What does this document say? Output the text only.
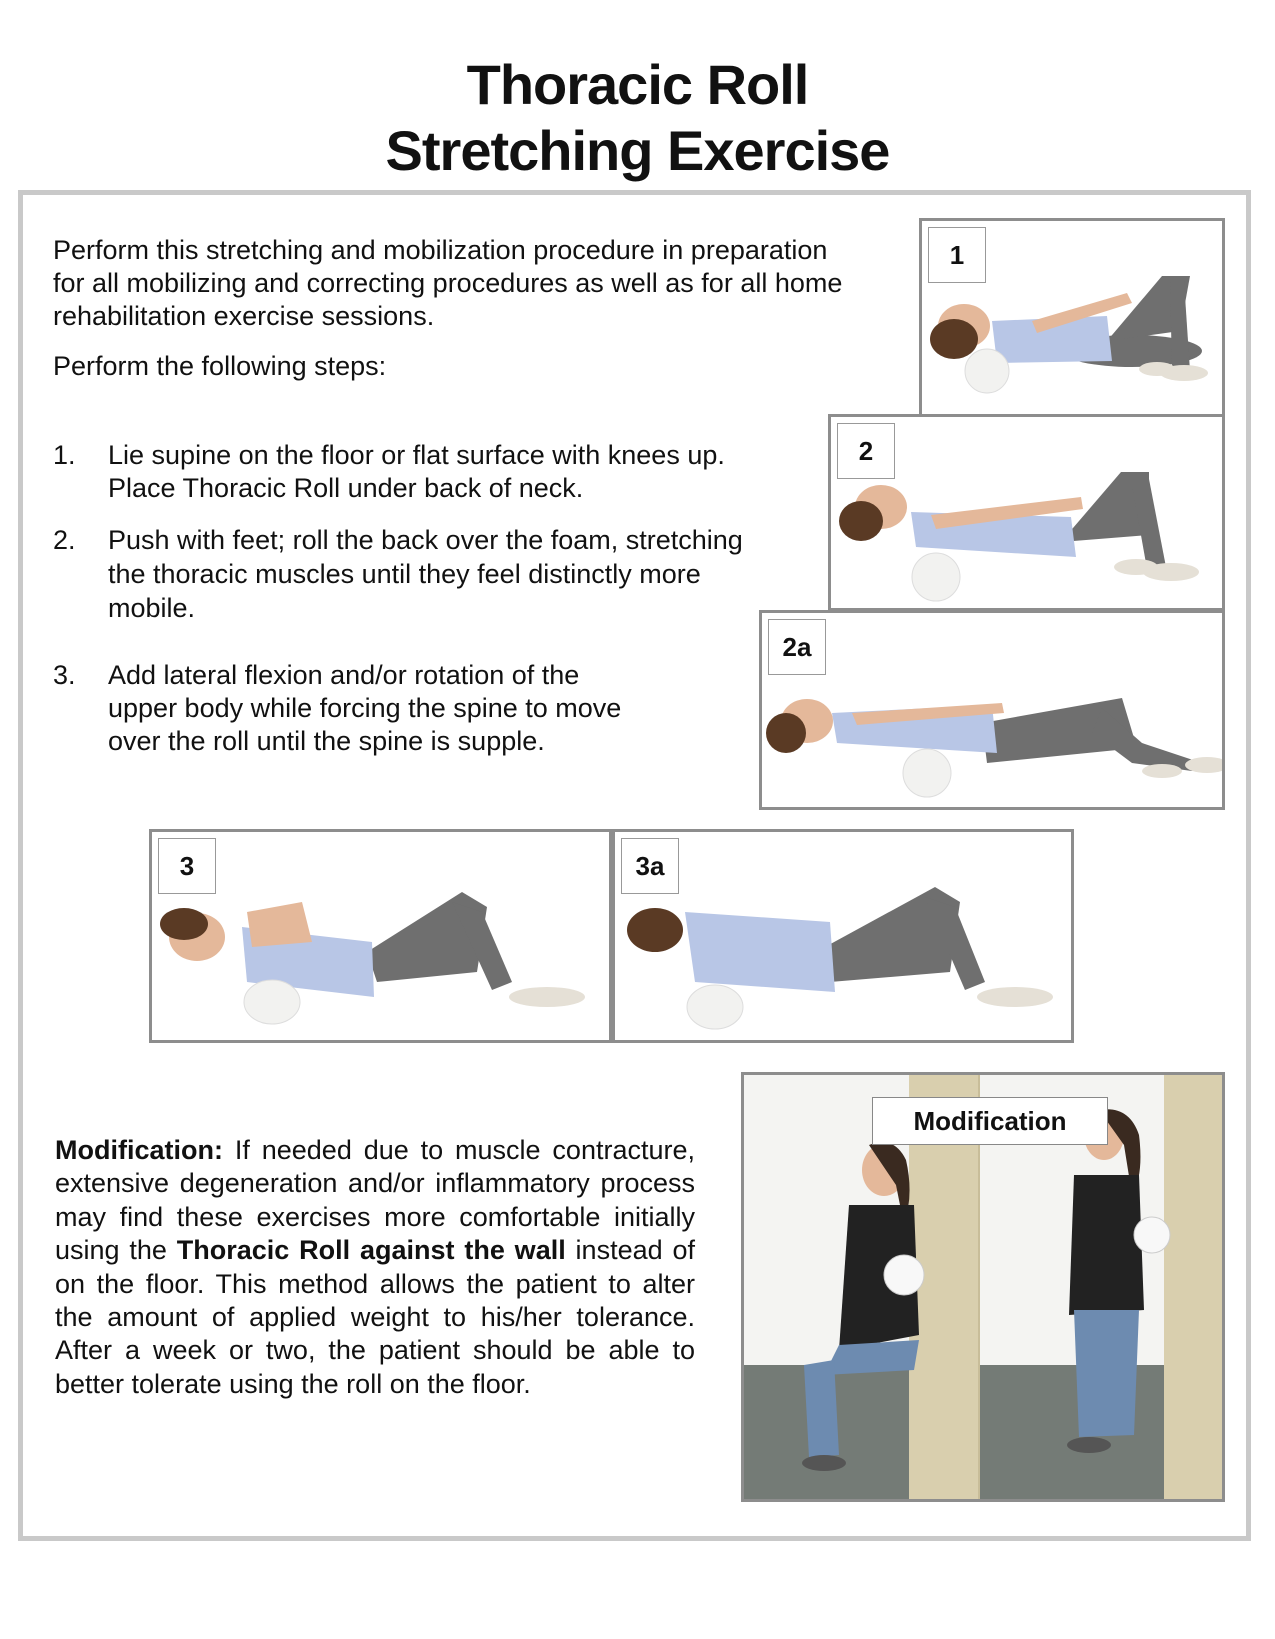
Thoracic Roll
Stretching Exercise
Perform this stretching and mobilization procedure in preparation
for all mobilizing and correcting procedures as well as for all home
rehabilitation exercise sessions.
Perform the following steps:
1. Lie supine on the floor or flat surface with knees up.
Place Thoracic Roll under back of neck.
2. Push with feet; roll the back over the foam, stretching
the thoracic muscles until they feel distinctly more
mobile.
3. Add lateral flexion and/or rotation of the
upper body while forcing the spine to move
over the roll until the spine is supple.
1
2
2a
3	3a
Modification: If needed due to muscle contracture, extensive degeneration and/or inflammatory process may find these exercises more comfortable initially using the Thoracic Roll against the wall instead of on the floor. This method allows the patient to alter the amount of applied weight to his/her tolerance. After a week or two, the patient should be able to better tolerate using the roll on the floor.
Modification
